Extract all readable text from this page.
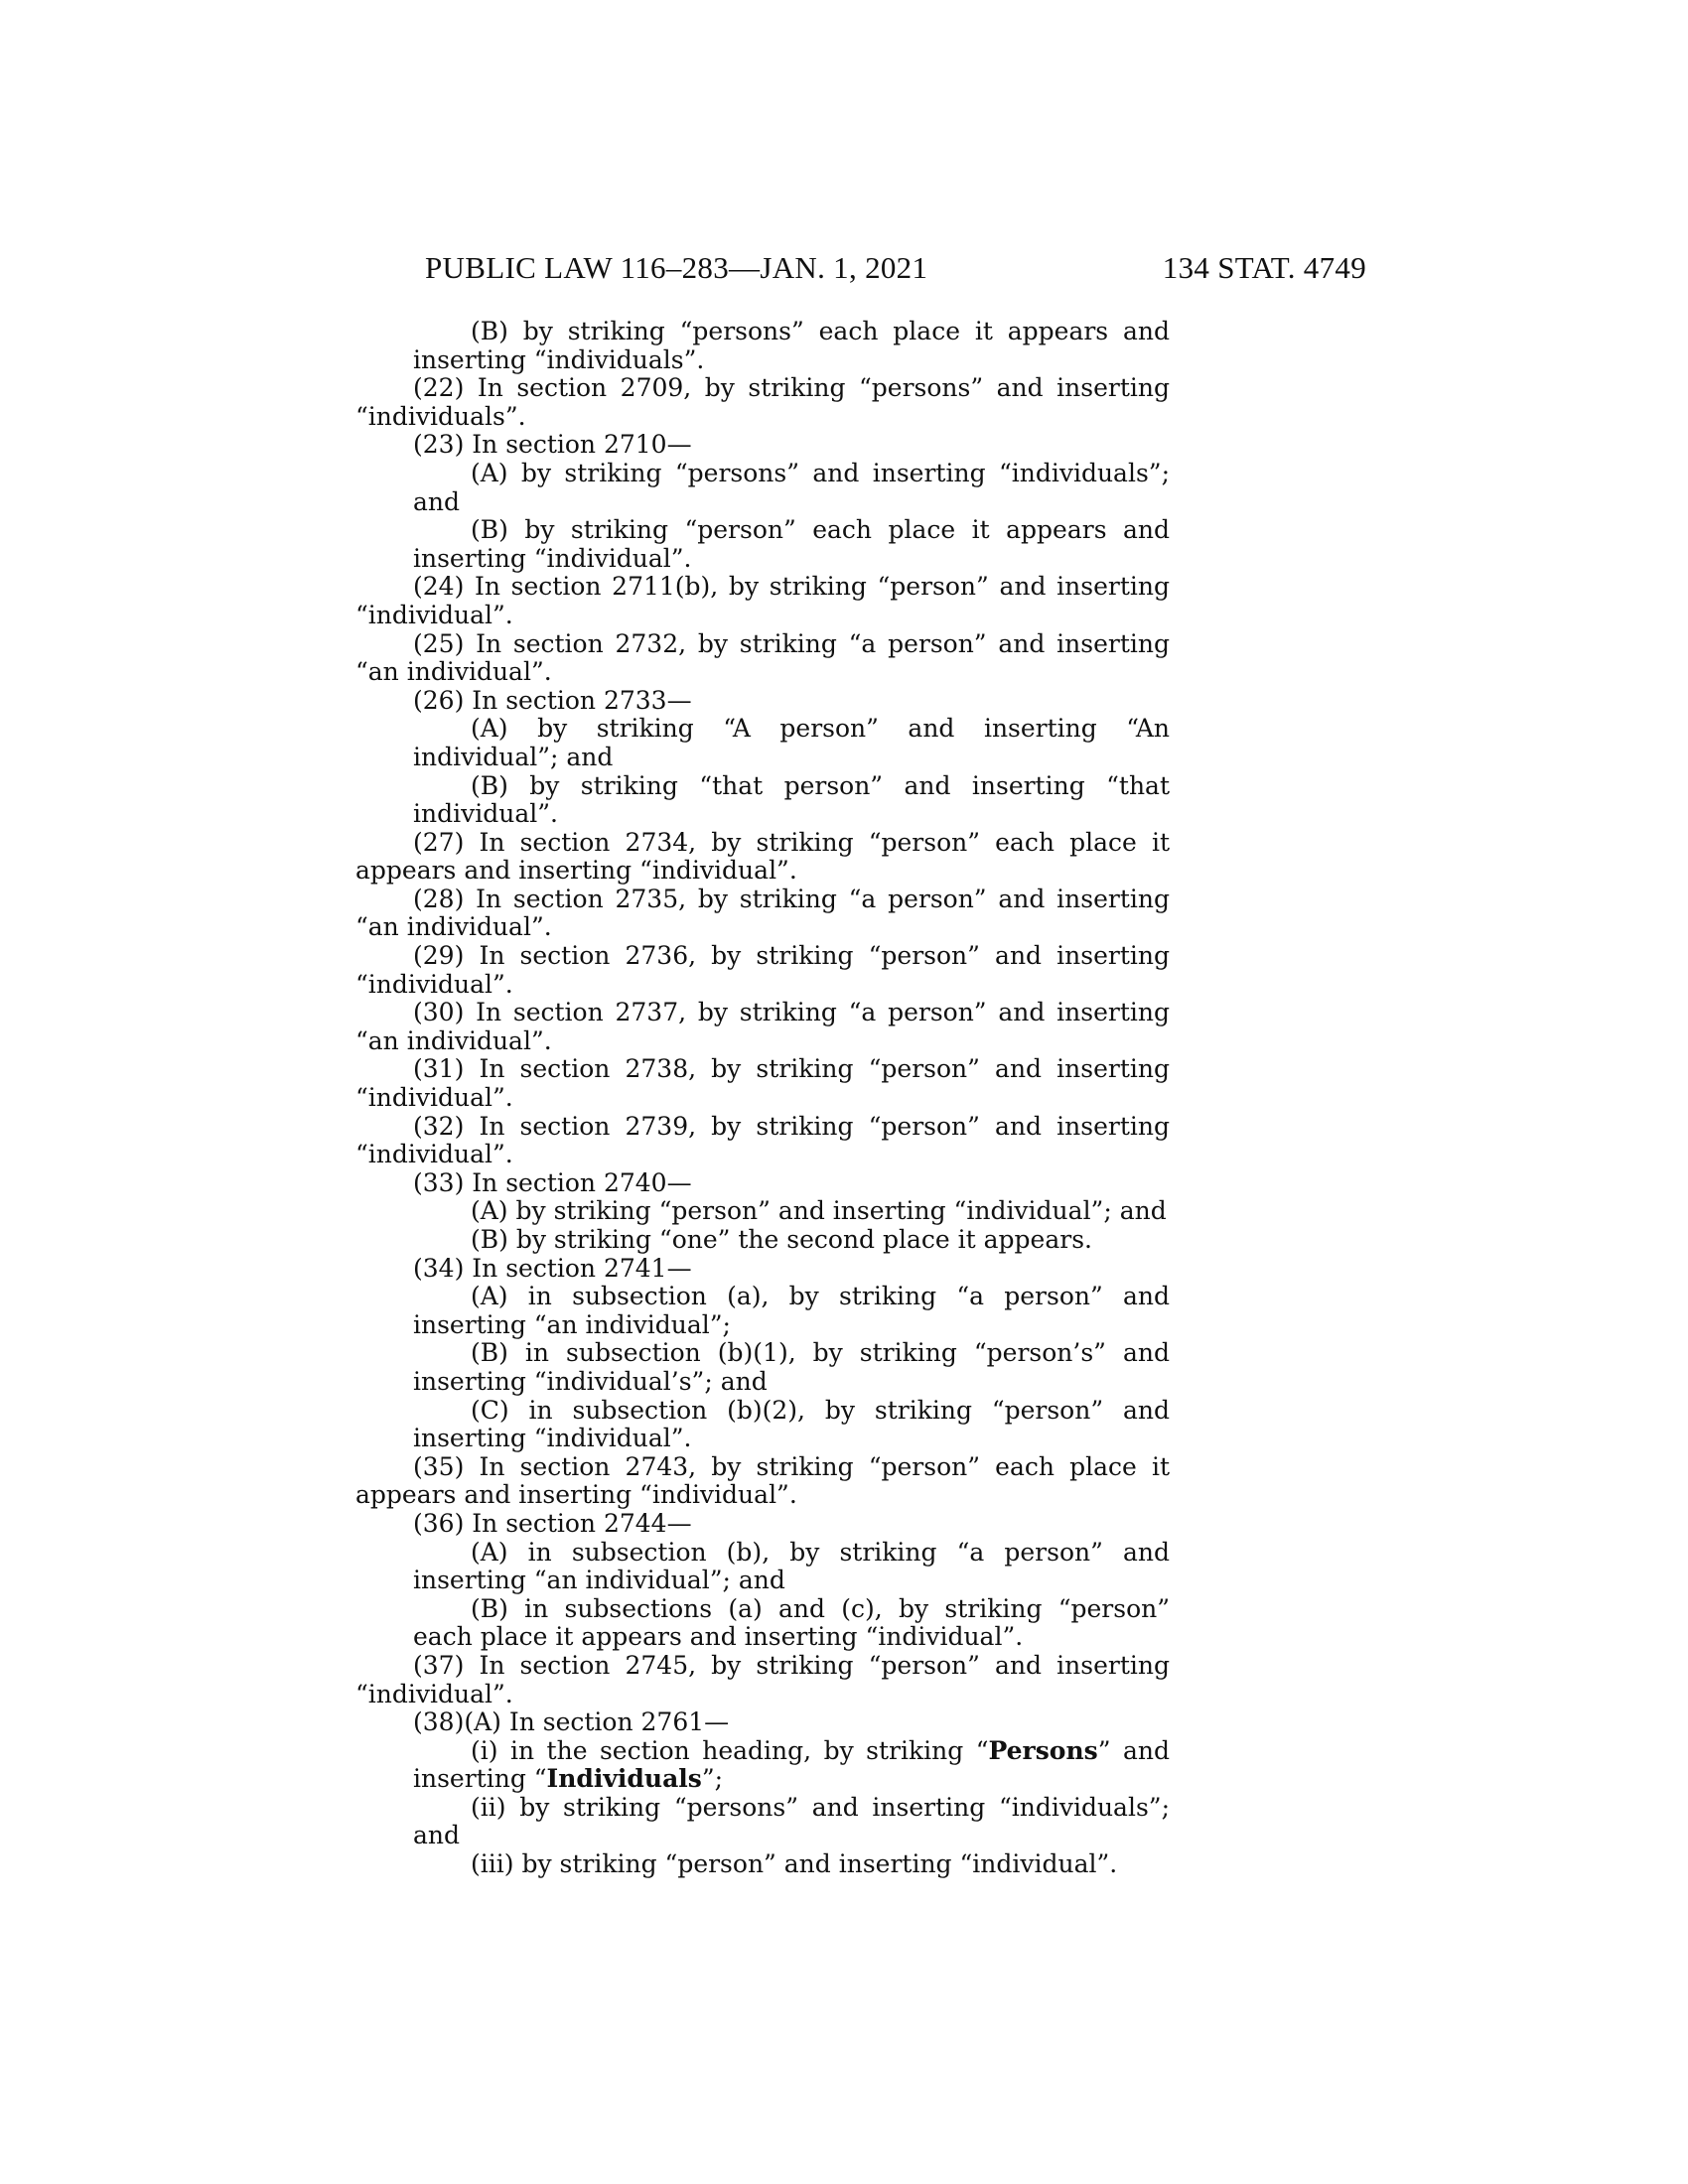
PUBLIC LAW 116–283—JAN. 1, 2021	134 STAT. 4749
(B) by striking “persons” each place it appears and inserting “individuals”.
(22) In section 2709, by striking “persons” and inserting “individuals”.
(23) In section 2710—
(A) by striking “persons” and inserting “individuals”; and
(B) by striking “person” each place it appears and inserting “individual”.
(24) In section 2711(b), by striking “person” and inserting “individual”.
(25) In section 2732, by striking “a person” and inserting “an individual”.
(26) In section 2733—
(A) by striking “A person” and inserting “An individual”; and
(B) by striking “that person” and inserting “that individual”.
(27) In section 2734, by striking “person” each place it appears and inserting “individual”.
(28) In section 2735, by striking “a person” and inserting “an individual”.
(29) In section 2736, by striking “person” and inserting “individual”.
(30) In section 2737, by striking “a person” and inserting “an individual”.
(31) In section 2738, by striking “person” and inserting “individual”.
(32) In section 2739, by striking “person” and inserting “individual”.
(33) In section 2740—
(A) by striking “person” and inserting “individual”; and
(B) by striking “one” the second place it appears.
(34) In section 2741—
(A) in subsection (a), by striking “a person” and inserting “an individual”;
(B) in subsection (b)(1), by striking “person’s” and inserting “individual’s”; and
(C) in subsection (b)(2), by striking “person” and inserting “individual”.
(35) In section 2743, by striking “person” each place it appears and inserting “individual”.
(36) In section 2744—
(A) in subsection (b), by striking “a person” and inserting “an individual”; and
(B) in subsections (a) and (c), by striking “person” each place it appears and inserting “individual”.
(37) In section 2745, by striking “person” and inserting “individual”.
(38)(A) In section 2761—
(i) in the section heading, by striking “Persons” and inserting “Individuals”;
(ii) by striking “persons” and inserting “individuals”; and
(iii) by striking “person” and inserting “individual”.
